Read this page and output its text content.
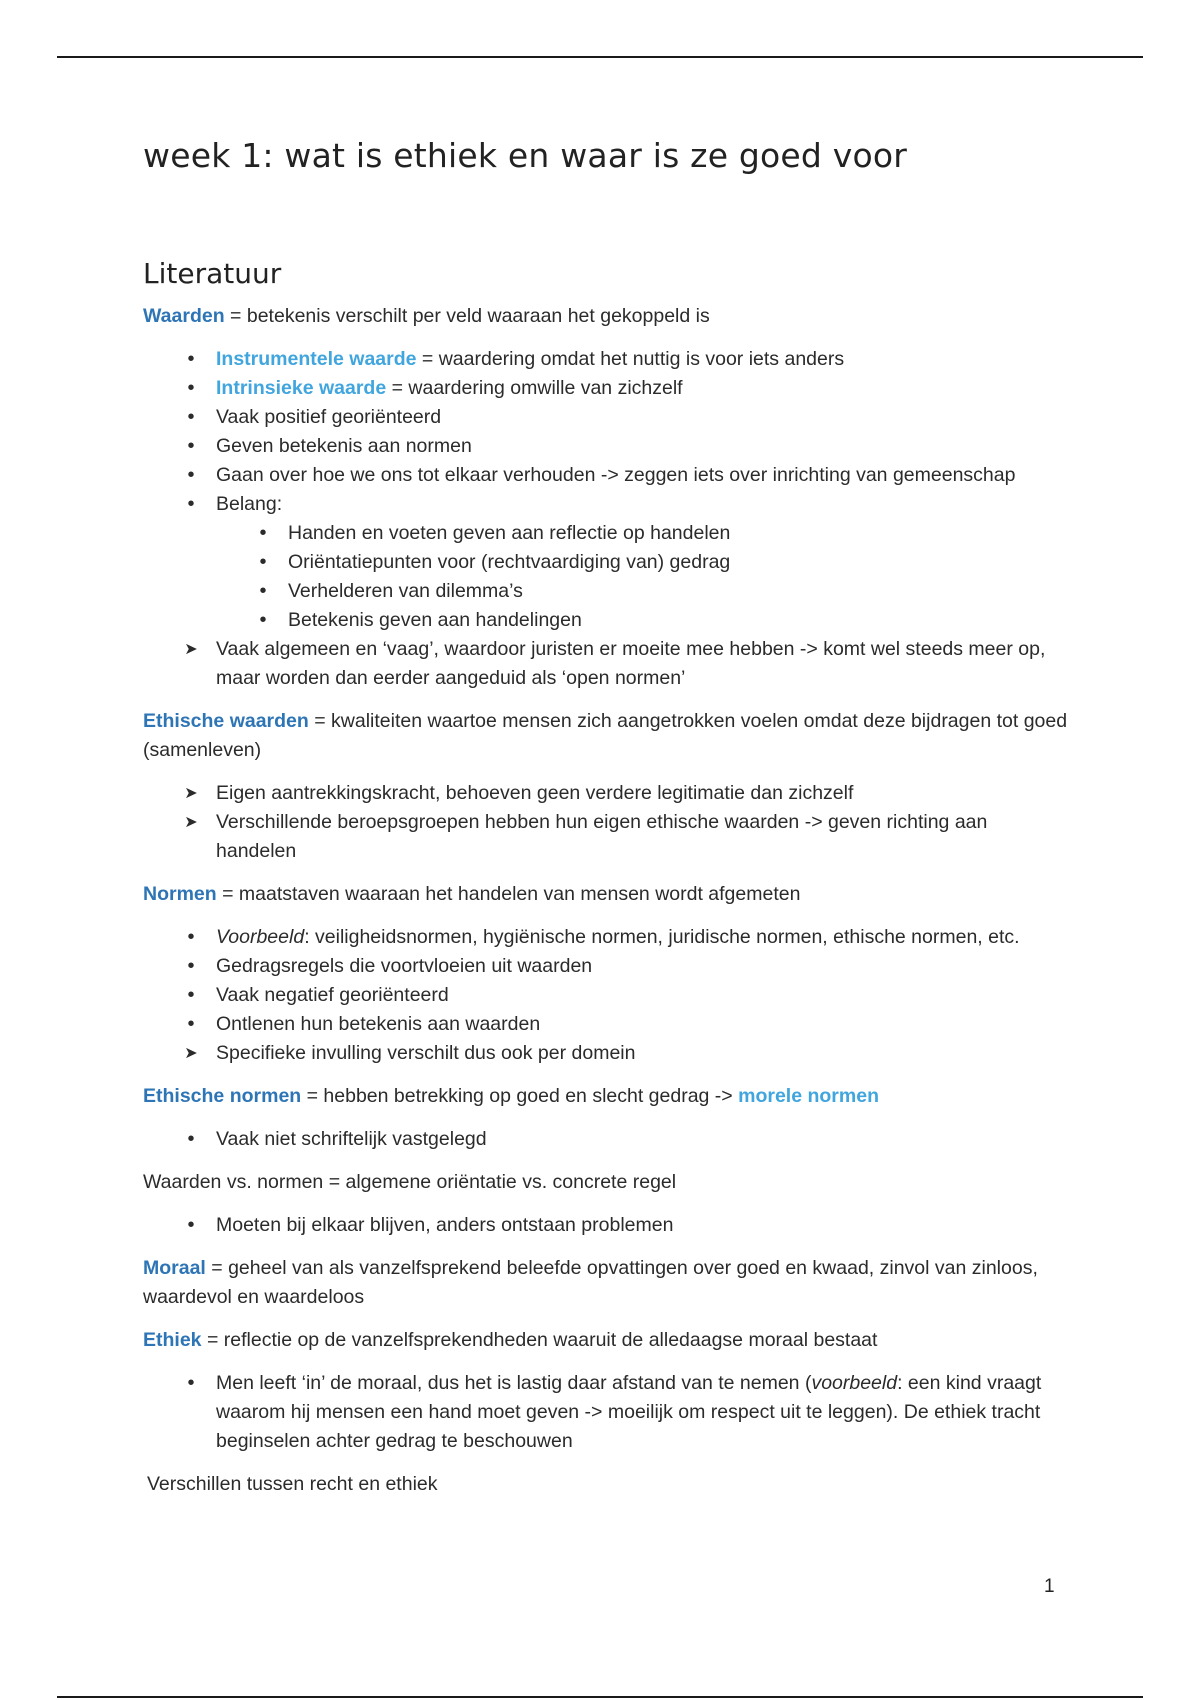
week 1: wat is ethiek en waar is ze goed voor
Literatuur

Waarden = betekenis verschilt per veld waaraan het gekoppeld is

•
Instrumentele waarde = waardering omdat het nuttig is voor iets anders
•
Intrinsieke waarde = waardering omwille van zichzelf
•
Vaak positief georiënteerd
•
Geven betekenis aan normen
•
Gaan over hoe we ons tot elkaar verhouden -> zeggen iets over inrichting van gemeenschap
•
Belang:
•
Handen en voeten geven aan reflectie op handelen
•
Oriëntatiepunten voor (rechtvaardiging van) gedrag
•
Verhelderen van dilemma’s
•
Betekenis geven aan handelingen
➤ Vaak algemeen en ‘vaag’, waardoor juristen er moeite mee hebben -> komt wel steeds meer op, maar worden dan eerder aangeduid als ‘open normen’

Ethische waarden = kwaliteiten waartoe mensen zich aangetrokken voelen omdat deze bijdragen tot goed (samenleven)

➤ Eigen aantrekkingskracht, behoeven geen verdere legitimatie dan zichzelf
➤ Verschillende beroepsgroepen hebben hun eigen ethische waarden -> geven richting aan handelen

Normen = maatstaven waaraan het handelen van mensen wordt afgemeten

•
Voorbeeld: veiligheidsnormen, hygiënische normen, juridische normen, ethische normen, etc.
•
Gedragsregels die voortvloeien uit waarden
•
Vaak negatief georiënteerd
•
Ontlenen hun betekenis aan waarden
➤ Specifieke invulling verschilt dus ook per domein

Ethische normen = hebben betrekking op goed en slecht gedrag -> morele normen

•
Vaak niet schriftelijk vastgelegd

Waarden vs. normen = algemene oriëntatie vs. concrete regel

•
Moeten bij elkaar blijven, anders ontstaan problemen

Moraal = geheel van als vanzelfsprekend beleefde opvattingen over goed en kwaad, zinvol van zinloos, waardevol en waardeloos

Ethiek = reflectie op de vanzelfsprekendheden waaruit de alledaagse moraal bestaat

•
Men leeft ‘in’ de moraal, dus het is lastig daar afstand van te nemen (voorbeeld: een kind vraagt waarom hij mensen een hand moet geven -> moeilijk om respect uit te leggen). De ethiek tracht beginselen achter gedrag te beschouwen

Verschillen tussen recht en ethiek

1
